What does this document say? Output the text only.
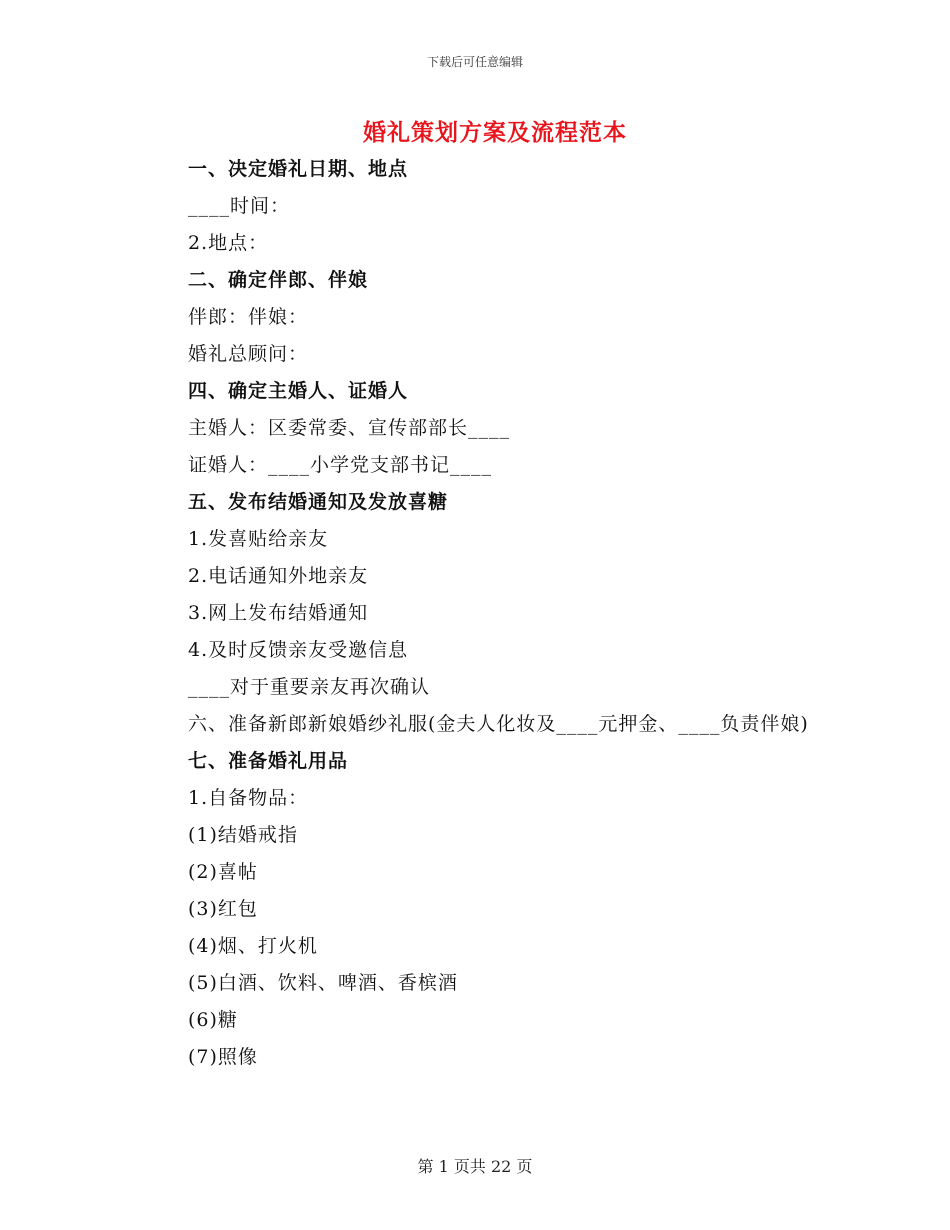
下载后可任意编辑
婚礼策划方案及流程范本
一、决定婚礼日期、地点
____时间：
2.地点：
二、确定伴郎、伴娘
伴郎：伴娘：
婚礼总顾问：
四、确定主婚人、证婚人
主婚人：区委常委、宣传部部长____
证婚人：____小学党支部书记____
五、发布结婚通知及发放喜糖
1.发喜贴给亲友
2.电话通知外地亲友
3.网上发布结婚通知
4.及时反馈亲友受邀信息
____对于重要亲友再次确认
六、准备新郎新娘婚纱礼服(金夫人化妆及____元押金、____负责伴娘)
七、准备婚礼用品
1.自备物品：
(1)结婚戒指
(2)喜帖
(3)红包
(4)烟、打火机
(5)白酒、饮料、啤酒、香槟酒
(6)糖
(7)照像
第 1 页共 22 页
